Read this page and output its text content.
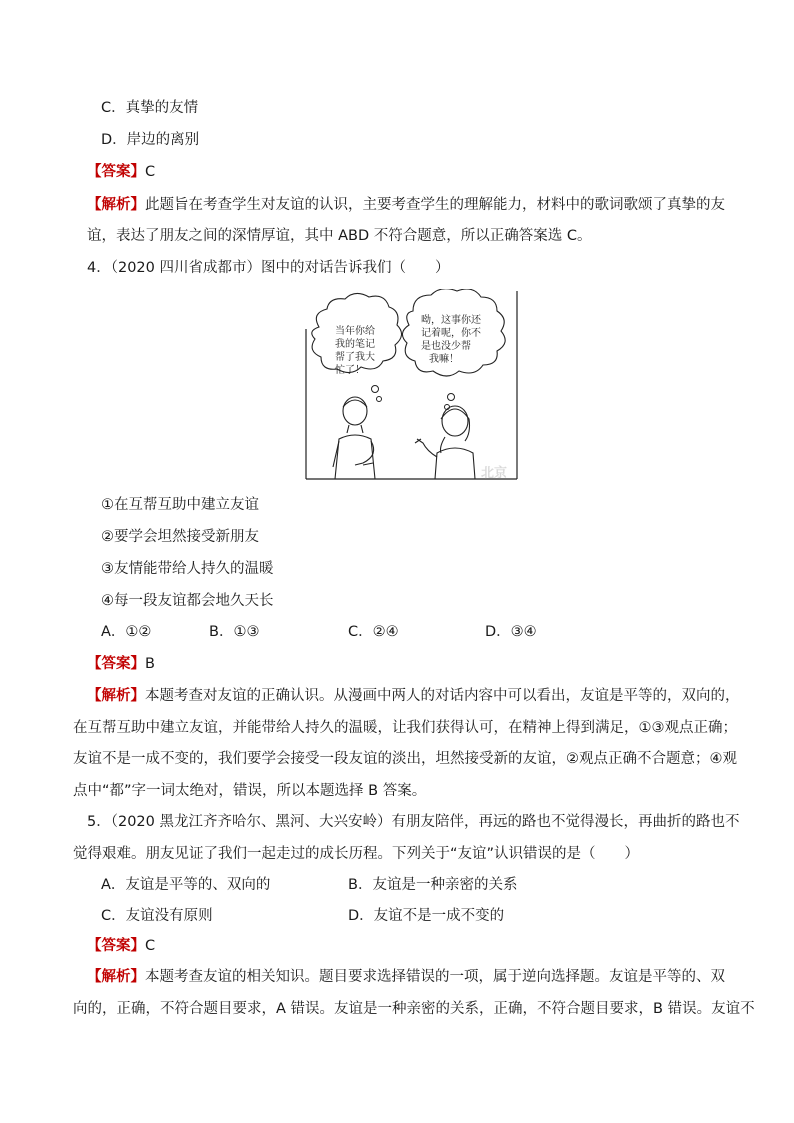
C．真挚的友情
D．岸边的离别
【答案】C
【解析】此题旨在考查学生对友谊的认识，主要考查学生的理解能力，材料中的歌词歌颂了真挚的友
谊，表达了朋友之间的深情厚谊，其中 ABD 不符合题意，所以正确答案选 C。
4．（2020 四川省成都市）图中的对话告诉我们（　　）
当年你给
我的笔记
帮了我大
忙了！
呦，这事你还
记着呢，你不
是也没少帮
我嘛！
北京
①在互帮互助中建立友谊
②要学会坦然接受新朋友
③友情能带给人持久的温暖
④每一段友谊都会地久天长
A．①②	B．①③	C．②④	D．③④
【答案】B
【解析】本题考查对友谊的正确认识。从漫画中两人的对话内容中可以看出，友谊是平等的，双向的，
在互帮互助中建立友谊，并能带给人持久的温暖，让我们获得认可，在精神上得到满足，①③观点正确；
友谊不是一成不变的，我们要学会接受一段友谊的淡出，坦然接受新的友谊，②观点正确不合题意；④观
点中“都”字一词太绝对，错误，所以本题选择 B 答案。
5．（2020 黑龙江齐齐哈尔、黑河、大兴安岭）有朋友陪伴，再远的路也不觉得漫长，再曲折的路也不
觉得艰难。朋友见证了我们一起走过的成长历程。下列关于“友谊”认识错误的是（　　）
A．友谊是平等的、双向的	B．友谊是一种亲密的关系
C．友谊没有原则	D．友谊不是一成不变的
【答案】C
【解析】本题考查友谊的相关知识。题目要求选择错误的一项，属于逆向选择题。友谊是平等的、双
向的，正确，不符合题目要求，A 错误。友谊是一种亲密的关系，正确，不符合题目要求，B 错误。友谊不
